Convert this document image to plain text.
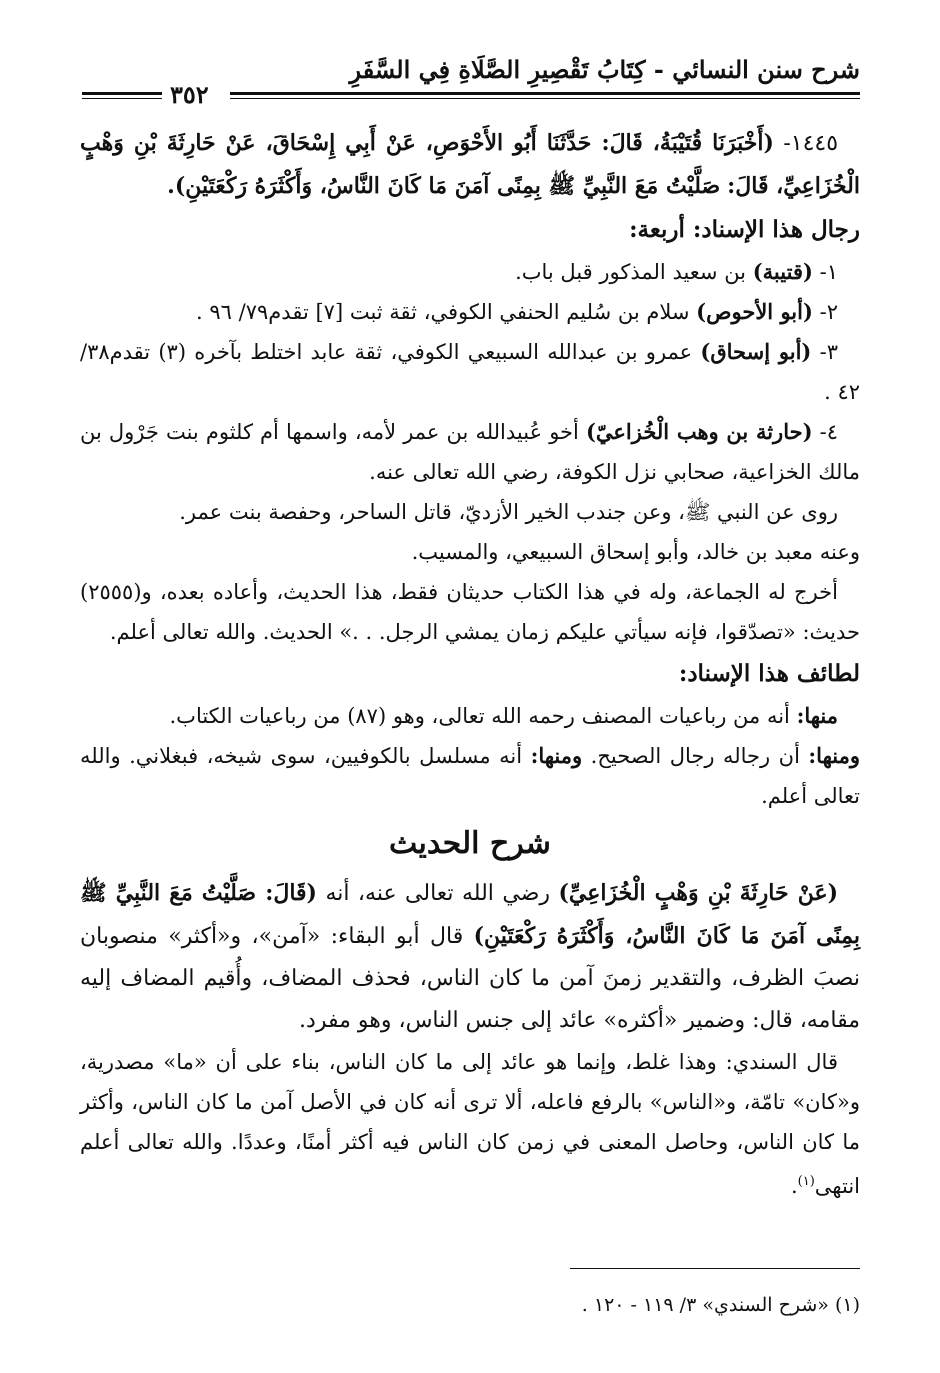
شرح سنن النسائي - كِتَابُ تَقْصِيرِ الصَّلَاةِ فِي السَّفَرِ
٣٥٢

١٤٤٥- (أَخْبَرَنَا قُتَيْبَةُ، قَالَ: حَدَّثَنَا أَبُو الأَحْوَصِ، عَنْ أَبِي إِسْحَاقَ، عَنْ حَارِثَةَ بْنِ وَهْبٍ الْخُزَاعِيِّ، قَالَ: صَلَّيْتُ مَعَ النَّبِيِّ ﷺ بِمِنًى آمَنَ مَا كَانَ النَّاسُ، وَأَكْثَرَهُ رَكْعَتَيْنِ).

رجال هذا الإسناد: أربعة:

١- (قتيبة) بن سعيد المذكور قبل باب.

٢- (أبو الأحوص) سلام بن سُليم الحنفي الكوفي، ثقة ثبت [٧] تقدم٧٩/ ٩٦ .

٣- (أبو إسحاق) عمرو بن عبدالله السبيعي الكوفي، ثقة عابد اختلط بآخره (٣) تقدم٣٨/ ٤٢ .

٤- (حارثة بن وهب الْخُزاعيّ) أخو عُبيدالله بن عمر لأمه، واسمها أم كلثوم بنت جَرْول بن مالك الخزاعية، صحابي نزل الكوفة، رضي الله تعالى عنه.

روى عن النبي ﷺ، وعن جندب الخير الأزديّ، قاتل الساحر، وحفصة بنت عمر.

وعنه معبد بن خالد، وأبو إسحاق السبيعي، والمسيب.

أخرج له الجماعة، وله في هذا الكتاب حديثان فقط، هذا الحديث، وأعاده بعده، و(٢٥٥٥) حديث: «تصدّقوا، فإنه سيأتي عليكم زمان يمشي الرجل. . .» الحديث. والله تعالى أعلم.

لطائف هذا الإسناد:

منها: أنه من رباعيات المصنف رحمه الله تعالى، وهو (٨٧) من رباعيات الكتاب.

ومنها: أن رجاله رجال الصحيح. ومنها: أنه مسلسل بالكوفيين، سوى شيخه، فبغلاني. والله تعالى أعلم.

شرح الحديث

(عَنْ حَارِثَةَ بْنِ وَهْبٍ الْخُزَاعِيِّ) رضي الله تعالى عنه، أنه (قَالَ: صَلَّيْتُ مَعَ النَّبِيِّ ﷺ بِمِنًى آمَنَ مَا كَانَ النَّاسُ، وَأَكْثَرَهُ رَكْعَتَيْنِ) قال أبو البقاء: «آمن»، و«أكثر» منصوبان نصبَ الظرف، والتقدير زمنَ آمن ما كان الناس، فحذف المضاف، وأُقيم المضاف إليه مقامه، قال: وضمير «أكثره» عائد إلى جنس الناس، وهو مفرد.

قال السندي: وهذا غلط، وإنما هو عائد إلى ما كان الناس، بناء على أن «ما» مصدرية، و«كان» تامّة، و«الناس» بالرفع فاعله، ألا ترى أنه كان في الأصل آمن ما كان الناس، وأكثر ما كان الناس، وحاصل المعنى في زمن كان الناس فيه أكثر أمنًا، وعددًا. والله تعالى أعلم انتهى$^{(١)}$.

(١) «شرح السندي» ٣/ ١١٩ - ١٢٠ .
